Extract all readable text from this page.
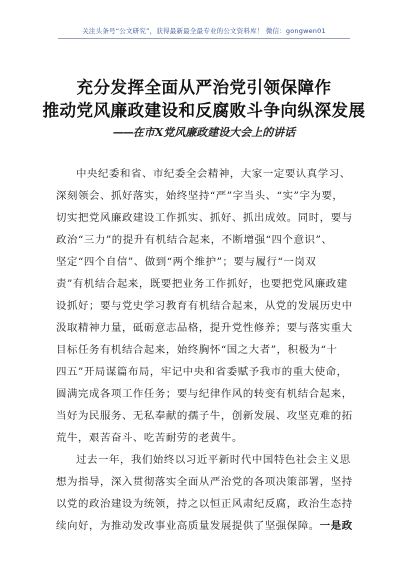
关注头条号“公文研究”，获得最新最全最专业的公文资料库！ 微信：gongwen01
充分发挥全面从严治党引领保障作
推动党风廉政建设和反腐败斗争向纵深发展
——在市X党风廉政建设大会上的讲话
中央纪委和省、市纪委全会精神，大家一定要认真学习、
深刻领会、抓好落实，始终坚持“严”字当头、“实”字为要，
切实把党风廉政建设工作抓实、抓好、抓出成效。同时，要与
政治“三力”的提升有机结合起来，不断增强“四个意识”、
坚定“四个自信”、做到“两个维护”；要与履行“一岗双
责”有机结合起来，既要把业务工作抓好，也要把党风廉政建
设抓好；要与党史学习教育有机结合起来，从党的发展历史中
汲取精神力量，砥砺意志品格，提升党性修养；要与落实重大
目标任务有机结合起来，始终胸怀“国之大者”，积极为“十
四五”开局谋篇布局，牢记中央和省委赋予我市的重大使命，
圆满完成各项工作任务；要与纪律作风的转变有机结合起来，
当好为民服务、无私奉献的孺子牛，创新发展、攻坚克难的拓
荒牛，艰苦奋斗、吃苦耐劳的老黄牛。
过去一年，我们始终以习近平新时代中国特色社会主义思
想为指导，深入贯彻落实全面从严治党的各项决策部署，坚持
以党的政治建设为统领，持之以恒正风肃纪反腐，政治生态持
续向好，为推动发改事业高质量发展提供了坚强保障。一是政
